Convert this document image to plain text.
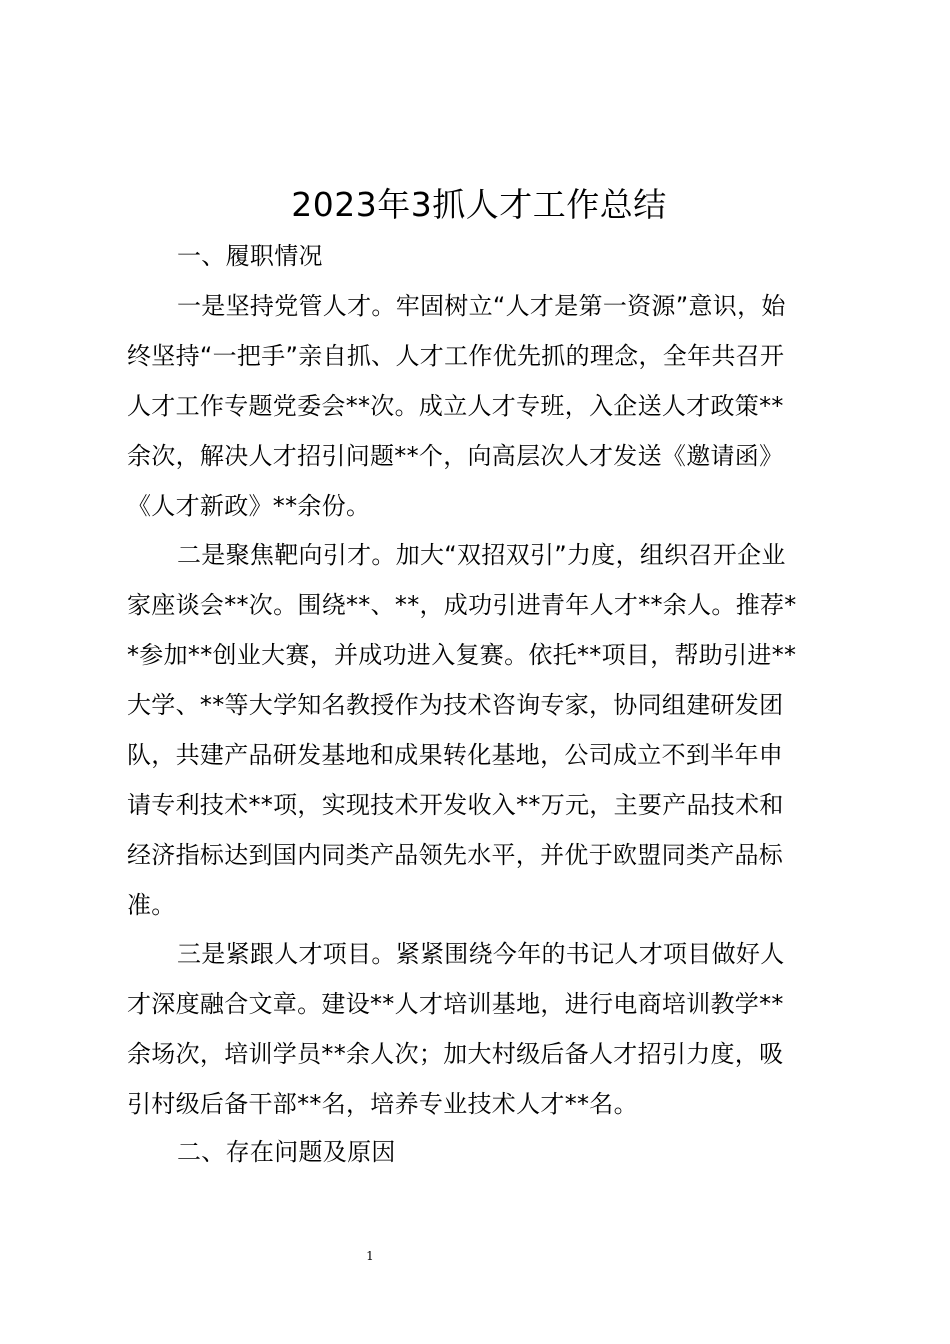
2023年3抓人才工作总结
一、履职情况
一是坚持党管人才。牢固树立“人才是第一资源”意识，始
终坚持“一把手”亲自抓、人才工作优先抓的理念，全年共召开
人才工作专题党委会**次。成立人才专班，入企送人才政策**
余次，解决人才招引问题**个，向高层次人才发送《邀请函》
《人才新政》**余份。
二是聚焦靶向引才。加大“双招双引”力度，组织召开企业
家座谈会**次。围绕**、**，成功引进青年人才**余人。推荐*
*参加**创业大赛，并成功进入复赛。依托**项目，帮助引进**
大学、**等大学知名教授作为技术咨询专家，协同组建研发团
队，共建产品研发基地和成果转化基地，公司成立不到半年申
请专利技术**项，实现技术开发收入**万元，主要产品技术和
经济指标达到国内同类产品领先水平，并优于欧盟同类产品标
准。
三是紧跟人才项目。紧紧围绕今年的书记人才项目做好人
才深度融合文章。建设**人才培训基地，进行电商培训教学**
余场次，培训学员**余人次；加大村级后备人才招引力度，吸
引村级后备干部**名，培养专业技术人才**名。
二、存在问题及原因
1
